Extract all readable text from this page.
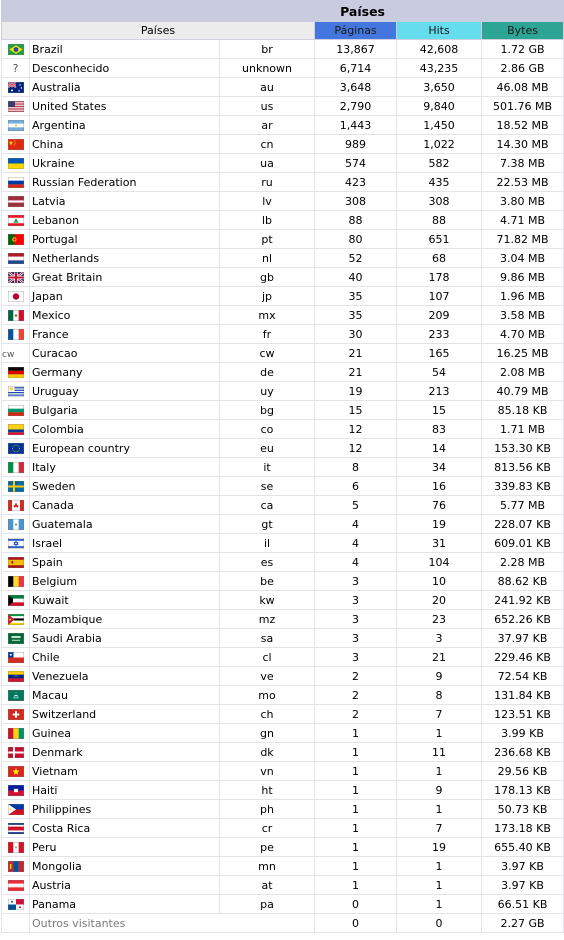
Países					
Países			Páginas	Hits	Bytes
	Brazil	br	13,867	42,608	1.72 GB
?	Desconhecido	unknown	6,714	43,235	2.86 GB
	Australia	au	3,648	3,650	46.08 MB
	United States	us	2,790	9,840	501.76 MB
	Argentina	ar	1,443	1,450	18.52 MB
	China	cn	989	1,022	14.30 MB
	Ukraine	ua	574	582	7.38 MB
	Russian Federation	ru	423	435	22.53 MB
	Latvia	lv	308	308	3.80 MB
	Lebanon	lb	88	88	4.71 MB
	Portugal	pt	80	651	71.82 MB
	Netherlands	nl	52	68	3.04 MB
	Great Britain	gb	40	178	9.86 MB
	Japan	jp	35	107	1.96 MB
	Mexico	mx	35	209	3.58 MB
	France	fr	30	233	4.70 MB
cw	Curacao	cw	21	165	16.25 MB
	Germany	de	21	54	2.08 MB
	Uruguay	uy	19	213	40.79 MB
	Bulgaria	bg	15	15	85.18 KB
	Colombia	co	12	83	1.71 MB
	European country	eu	12	14	153.30 KB
	Italy	it	8	34	813.56 KB
	Sweden	se	6	16	339.83 KB
	Canada	ca	5	76	5.77 MB
	Guatemala	gt	4	19	228.07 KB
	Israel	il	4	31	609.01 KB
	Spain	es	4	104	2.28 MB
	Belgium	be	3	10	88.62 KB
	Kuwait	kw	3	20	241.92 KB
	Mozambique	mz	3	23	652.26 KB
	Saudi Arabia	sa	3	3	37.97 KB
	Chile	cl	3	21	229.46 KB
	Venezuela	ve	2	9	72.54 KB
	Macau	mo	2	8	131.84 KB
	Switzerland	ch	2	7	123.51 KB
	Guinea	gn	1	1	3.99 KB
	Denmark	dk	1	11	236.68 KB
	Vietnam	vn	1	1	29.56 KB
	Haiti	ht	1	9	178.13 KB
	Philippines	ph	1	1	50.73 KB
	Costa Rica	cr	1	7	173.18 KB
	Peru	pe	1	19	655.40 KB
	Mongolia	mn	1	1	3.97 KB
	Austria	at	1	1	3.97 KB
	Panama	pa	0	1	66.51 KB
	Outros visitantes		0	0	2.27 GB
